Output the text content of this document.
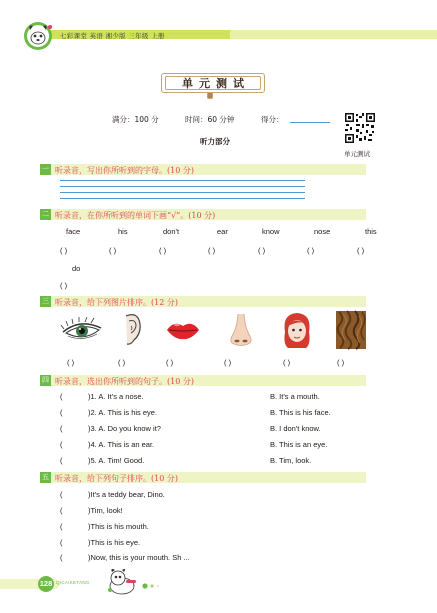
七彩课堂 英语 湘少版 三年级 上册
单元测试
满分：100 分	时间：60 分钟	得分：
听力部分
单元测试
一 听录音，写出你所听到的字母。(10 分)
二 听录音，在你所听到的单词下画“√”。(10 分)
face	his	don't	ear	know	nose	this
( )	( )	( )	( )	( )	( )	( )
do
( )
三 听录音，给下列图片排序。(12 分)
( )	( )	( )	( )	( )	( )
四 听录音，选出你所听到的句子。(10 分)
(	)1. A. It's a nose.	B. It's a mouth.
(	)2. A. This is his eye.	B. This is his face.
(	)3. A. Do you know it?	B. I don't know.
(	)4. A. This is an ear.	B. This is an eye.
(	)5. A. Tim! Good.	B. Tim, look.
五 听录音，给下列句子排序。(10 分)
(	)It's a teddy bear, Dino.
(	)Tim, look!
(	)This is his mouth.
(	)This is his eye.
(	)Now, this is your mouth. Sh ...
128 QICAIKETANG
